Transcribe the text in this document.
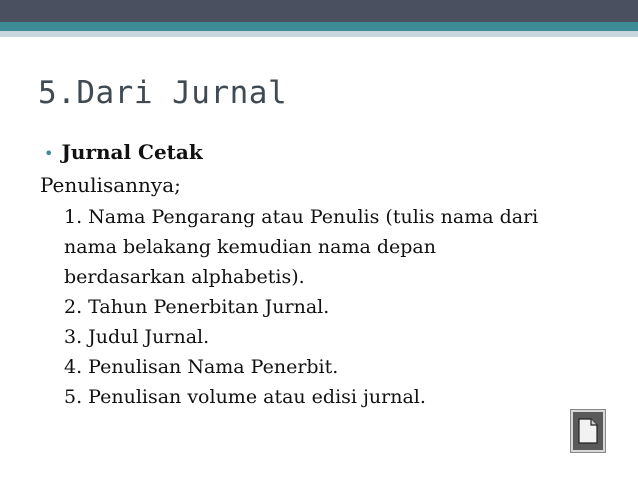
5.Dari Jurnal
• Jurnal Cetak
Penulisannya;
1. Nama Pengarang atau Penulis (tulis nama dari
nama belakang kemudian nama depan
berdasarkan alphabetis).
2. Tahun Penerbitan Jurnal.
3. Judul Jurnal.
4. Penulisan Nama Penerbit.
5. Penulisan volume atau edisi jurnal.
